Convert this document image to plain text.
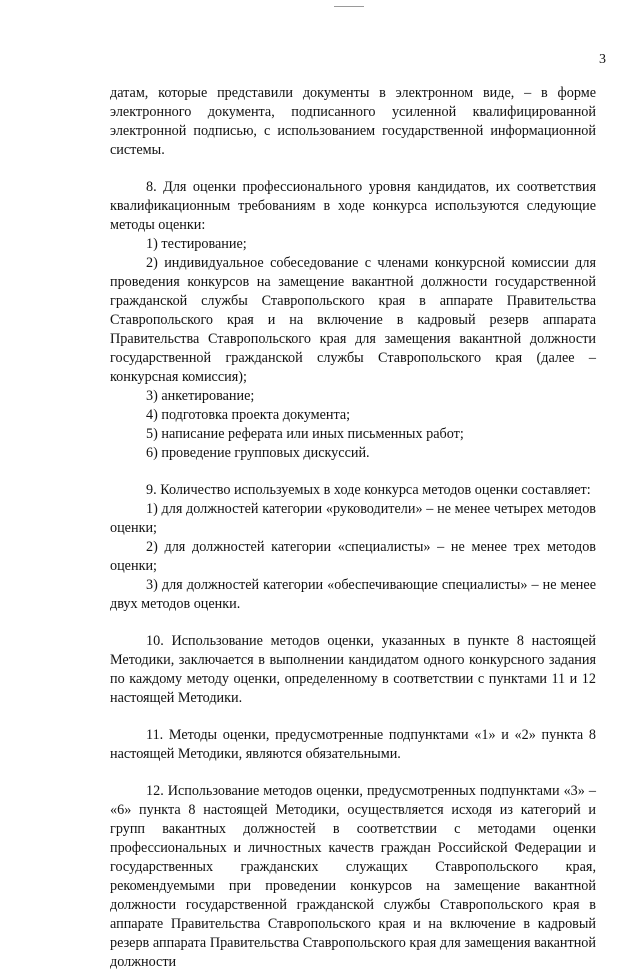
3

датам, которые представили документы в электронном виде, – в форме электронного документа, подписанного усиленной квалифицированной электронной подписью, с использованием государственной информационной системы.

8. Для оценки профессионального уровня кандидатов, их соответствия квалификационным требованиям в ходе конкурса используются следующие методы оценки:

1) тестирование;

2) индивидуальное собеседование с членами конкурсной комиссии для проведения конкурсов на замещение вакантной должности государственной гражданской службы Ставропольского края в аппарате Правительства Ставропольского края и на включение в кадровый резерв аппарата Правительства Ставропольского края для замещения вакантной должности государственной гражданской службы Ставропольского края (далее – конкурсная комиссия);

3) анкетирование;

4) подготовка проекта документа;

5) написание реферата или иных письменных работ;

6) проведение групповых дискуссий.

9. Количество используемых в ходе конкурса методов оценки составляет:

1) для должностей категории «руководители» – не менее четырех методов оценки;

2) для должностей категории «специалисты» – не менее трех методов оценки;

3) для должностей категории «обеспечивающие специалисты» – не менее двух методов оценки.

10. Использование методов оценки, указанных в пункте 8 настоящей Методики, заключается в выполнении кандидатом одного конкурсного задания по каждому методу оценки, определенному в соответствии с пунктами 11 и 12 настоящей Методики.

11. Методы оценки, предусмотренные подпунктами «1» и «2» пункта 8 настоящей Методики, являются обязательными.

12. Использование методов оценки, предусмотренных подпунктами «3» – «6» пункта 8 настоящей Методики, осуществляется исходя из категорий и групп вакантных должностей в соответствии с методами оценки профессиональных и личностных качеств граждан Российской Федерации и государственных гражданских служащих Ставропольского края, рекомендуемыми при проведении конкурсов на замещение вакантной должности государственной гражданской службы Ставропольского края в аппарате Правительства Ставропольского края и на включение в кадровый резерв аппарата Правительства Ставропольского края для замещения вакантной должности
